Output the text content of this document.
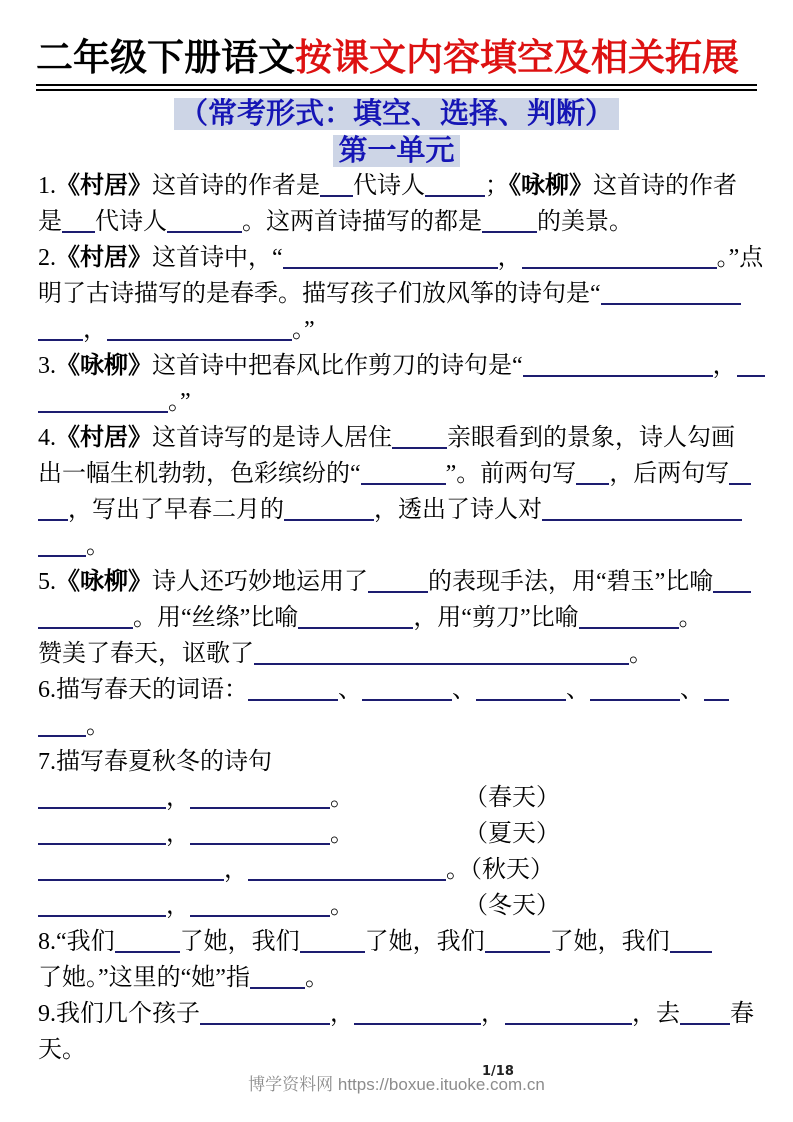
二年级下册语文按课文内容填空及相关拓展
（常考形式：填空、选择、判断）
第一单元
1.《村居》这首诗的作者是 代诗人	；《咏柳》这首诗的作者
是 代诗人	。这两首诗描写的都是 的美景。
2.《村居》这首诗中，“	，	。”点
明了古诗描写的是春季。描写孩子们放风筝的诗句是“
，	。”
3.《咏柳》这首诗中把春风比作剪刀的诗句是“	，
。”
4.《村居》这首诗写的是诗人居住 亲眼看到的景象，诗人勾画
出一幅生机勃勃，色彩缤纷的“	”。前两句写 ，后两句写
，写出了早春二月的	，透出了诗人对
。
5.《咏柳》诗人还巧妙地运用了	的表现手法，用“碧玉”比喻
。用“丝绦”比喻	，用“剪刀”比喻	。
赞美了春天，讴歌了	。
6.描写春天的词语：	、	、	、	、
。
7.描写春夏秋冬的诗句
，	。	（春天）
，	。	（夏天）
，	。（秋天）
，	。	（冬天）
8.“我们	了她，我们	了她，我们	了她，我们
了她。”这里的“她”指 。
9.我们几个孩子	，	，	，去 春
天。
博学资料网 https://boxue.ituoke.com.cn
1/18
